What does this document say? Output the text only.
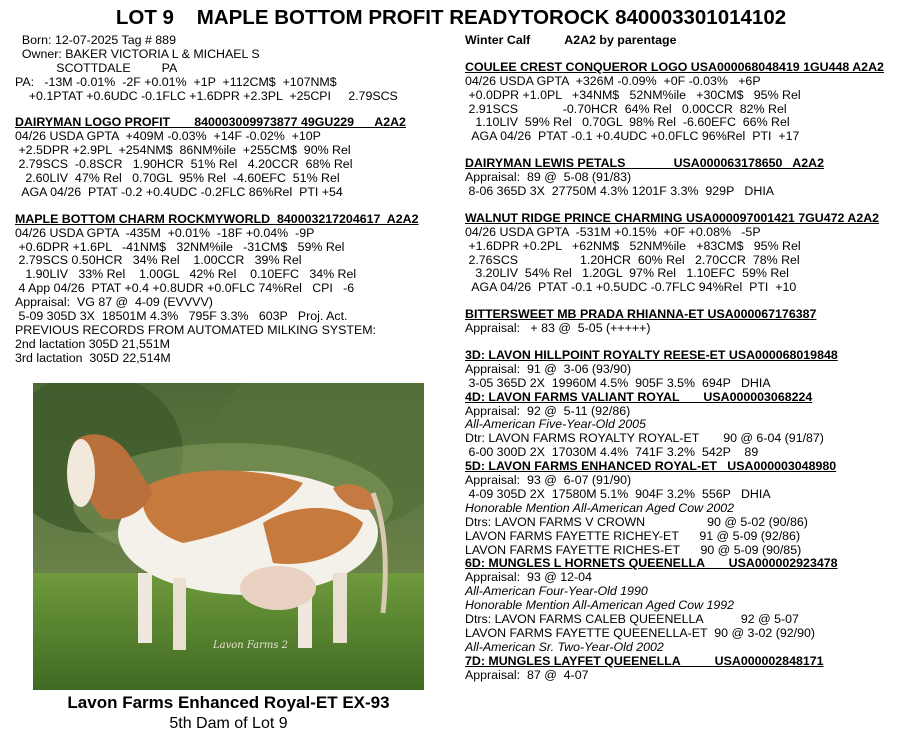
LOT 9    MAPLE BOTTOM PROFIT READYTOROCK 840003301014102
Born: 12-07-2025 Tag # 889
Owner: BAKER VICTORIA L & MICHAEL S
SCOTTDALE         PA
PA:   -13M -0.01%  -2F +0.01%  +1P  +112CM$  +107NM$
+0.1PTAT +0.6UDC -0.1FLC +1.6DPR +2.3PL  +25CPI     2.79SCS
DAIRYMAN LOGO PROFIT       840003009973877 49GU229      A2A2
04/26 USDA GPTA  +409M -0.03%  +14F -0.02%  +10P
+2.5DPR +2.9PL  +254NM$  86NM%ile  +255CM$  90% Rel
2.79SCS  -0.8SCR   1.90HCR  51% Rel   4.20CCR  68% Rel
2.60LIV  47% Rel   0.70GL  95% Rel  -4.60EFC  51% Rel
AGA 04/26  PTAT -0.2 +0.4UDC -0.2FLC 86%Rel  PTI +54
MAPLE BOTTOM CHARM ROCKMYWORLD  840003217204617  A2A2
04/26 USDA GPTA  -435M  +0.01%  -18F +0.04%  -9P
+0.6DPR +1.6PL   -41NM$   32NM%ile   -31CM$   59% Rel
2.79SCS 0.50HCR   34% Rel    1.00CCR   39% Rel
1.90LIV   33% Rel    1.00GL   42% Rel    0.10EFC   34% Rel
4 App 04/26  PTAT +0.4 +0.8UDR +0.0FLC 74%Rel   CPI   -6
Appraisal:  VG 87 @  4-09 (EVVVV)
5-09 305D 3X  18501M 4.3%   795F 3.3%   603P   Proj. Act.
PREVIOUS RECORDS FROM AUTOMATED MILKING SYSTEM:
2nd lactation 305D 21,551M
3rd lactation  305D 22,514M
Lavon Farms 2
Lavon Farms Enhanced Royal-ET EX-93
5th Dam of Lot 9
Winter Calf          A2A2 by parentage
COULEE CREST CONQUEROR LOGO USA000068048419 1GU448 A2A2
04/26 USDA GPTA  +326M -0.09%  +0F -0.03%   +6P
+0.0DPR +1.0PL   +34NM$   52NM%ile   +30CM$   95% Rel
2.91SCS             -0.70HCR  64% Rel   0.00CCR  82% Rel
1.10LIV  59% Rel   0.70GL  98% Rel  -6.60EFC  66% Rel
AGA 04/26  PTAT -0.1 +0.4UDC +0.0FLC 96%Rel  PTI  +17
DAIRYMAN LEWIS PETALS              USA000063178650   A2A2
Appraisal:  89 @  5-08 (91/83)
8-06 365D 3X  27750M 4.3% 1201F 3.3%  929P   DHIA
WALNUT RIDGE PRINCE CHARMING USA000097001421 7GU472 A2A2
04/26 USDA GPTA  -531M +0.15%  +0F +0.08%   -5P
+1.6DPR +0.2PL   +62NM$   52NM%ile   +83CM$   95% Rel
2.76SCS                  1.20HCR  60% Rel   2.70CCR  78% Rel
3.20LIV  54% Rel   1.20GL  97% Rel   1.10EFC  59% Rel
AGA 04/26  PTAT -0.1 +0.5UDC -0.7FLC 94%Rel  PTI  +10
BITTERSWEET MB PRADA RHIANNA-ET USA000067176387
Appraisal:   + 83 @  5-05 (+++++)
3D: LAVON HILLPOINT ROYALTY REESE-ET USA000068019848
Appraisal:  91 @  3-06 (93/90)
3-05 365D 2X  19960M 4.5%  905F 3.5%  694P   DHIA
4D: LAVON FARMS VALIANT ROYAL       USA000003068224
Appraisal:  92 @  5-11 (92/86)
All-American Five-Year-Old 2005
Dtr: LAVON FARMS ROYALTY ROYAL-ET       90 @ 6-04 (91/87)
6-00 300D 2X  17030M 4.4%  741F 3.2%  542P    89
5D: LAVON FARMS ENHANCED ROYAL-ET   USA000003048980
Appraisal:  93 @  6-07 (91/90)
4-09 305D 2X  17580M 5.1%  904F 3.2%  556P   DHIA
Honorable Mention All-American Aged Cow 2002
Dtrs: LAVON FARMS V CROWN                  90 @ 5-02 (90/86)
LAVON FARMS FAYETTE RICHEY-ET      91 @ 5-09 (92/86)
LAVON FARMS FAYETTE RICHES-ET      90 @ 5-09 (90/85)
6D: MUNGLES L HORNETS QUEENELLA       USA000002923478
Appraisal:  93 @ 12-04
All-American Four-Year-Old 1990
Honorable Mention All-American Aged Cow 1992
Dtrs: LAVON FARMS CALEB QUEENELLA           92 @ 5-07
LAVON FARMS FAYETTE QUEENELLA-ET  90 @ 3-02 (92/90)
All-American Sr. Two-Year-Old 2002
7D: MUNGLES LAYFET QUEENELLA          USA000002848171
Appraisal:  87 @  4-07
